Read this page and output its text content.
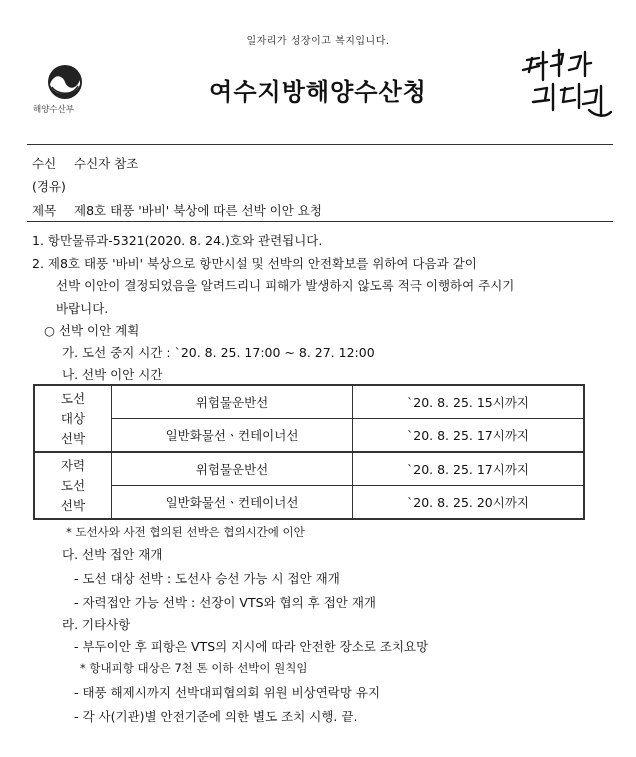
일자리가 성장이고 복지입니다.
해양수산부
여수지방해양수산청
수신 수신자 참조
(경유)
제목 제8호 태풍 '바비' 북상에 따른 선박 이안 요청
1. 항만물류과-5321(2020. 8. 24.)호와 관련됩니다.
2. 제8호 태풍 '바비' 북상으로 항만시설 및 선박의 안전확보를 위하여 다음과 같이
선박 이안이 결정되었음을 알려드리니 피해가 발생하지 않도록 적극 이행하여 주시기
바랍니다.
○ 선박 이안 계획
가. 도선 중지 시간 : `20. 8. 25. 17:00 ~ 8. 27. 12:00
나. 선박 이안 시간
도선
대상
선박	위험물운반선	`20. 8. 25. 15시까지
	일반화물선ㆍ컨테이너선	`20. 8. 25. 17시까지
자력
도선
선박	위험물운반선	`20. 8. 25. 17시까지
	일반화물선ㆍ컨테이너선	`20. 8. 25. 20시까지
* 도선사와 사전 협의된 선박은 협의시간에 이안
다. 선박 접안 재개
- 도선 대상 선박 : 도선사 승선 가능 시 접안 재개
- 자력접안 가능 선박 : 선장이 VTS와 협의 후 접안 재개
라. 기타사항
- 부두이안 후 피항은 VTS의 지시에 따라 안전한 장소로 조치요망
* 항내피항 대상은 7천 톤 이하 선박이 원칙임
- 태풍 해제시까지 선박대피협의회 위원 비상연락망 유지
- 각 사(기관)별 안전기준에 의한 별도 조치 시행. 끝.
